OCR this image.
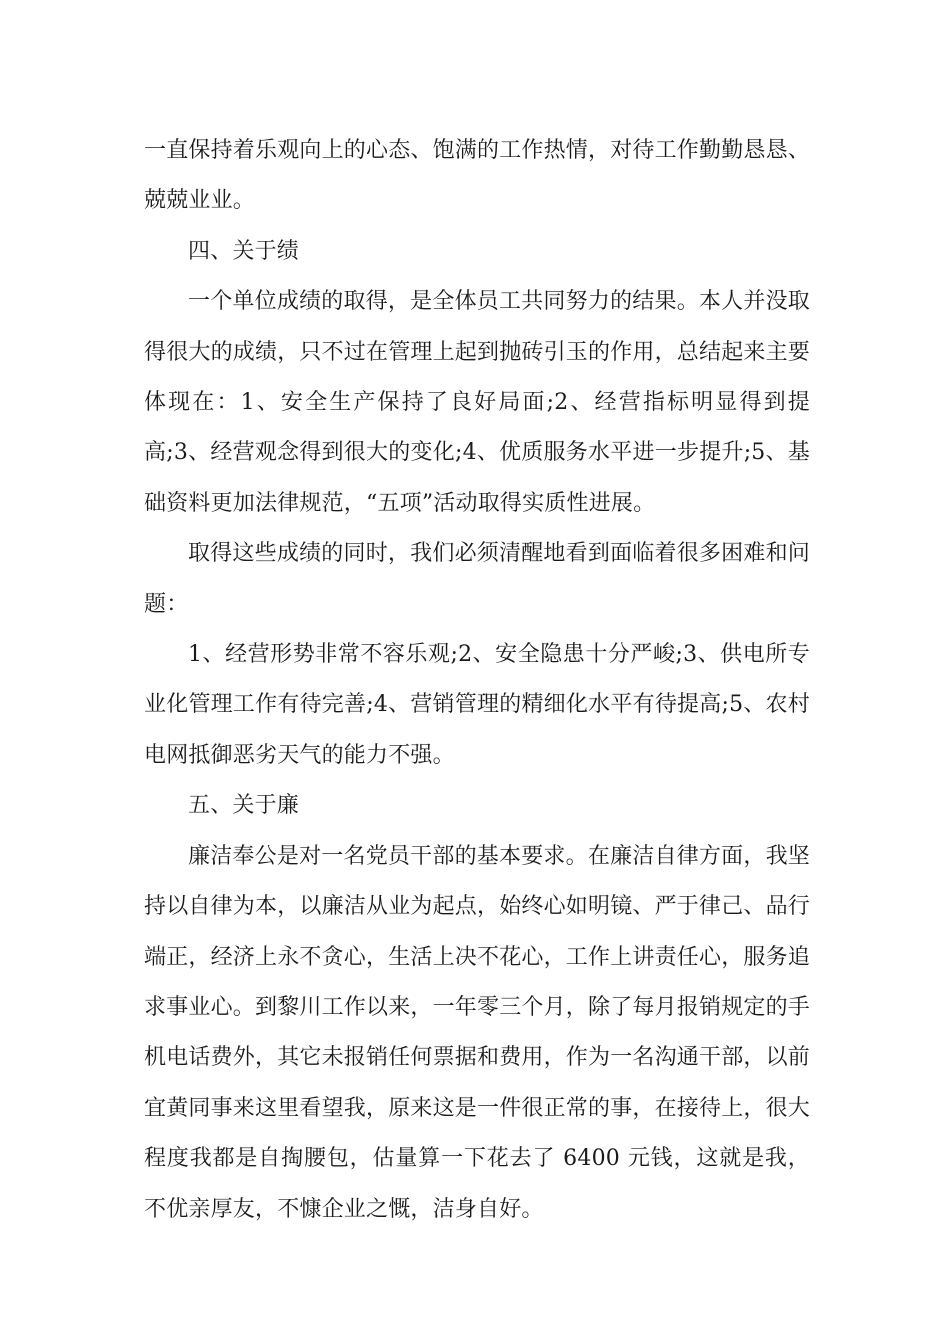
一直保持着乐观向上的心态、饱满的工作热情，对待工作勤勤恳恳、兢兢业业。

四、关于绩

一个单位成绩的取得，是全体员工共同努力的结果。本人并没取得很大的成绩，只不过在管理上起到抛砖引玉的作用，总结起来主要体现在：1、安全生产保持了良好局面;2、经营指标明显得到提高;3、经营观念得到很大的变化;4、优质服务水平进一步提升;5、基础资料更加法律规范，“五项”活动取得实质性进展。

取得这些成绩的同时，我们必须清醒地看到面临着很多困难和问题：

1、经营形势非常不容乐观;2、安全隐患十分严峻;3、供电所专业化管理工作有待完善;4、营销管理的精细化水平有待提高;5、农村电网抵御恶劣天气的能力不强。

五、关于廉

廉洁奉公是对一名党员干部的基本要求。在廉洁自律方面，我坚持以自律为本，以廉洁从业为起点，始终心如明镜、严于律己、品行端正，经济上永不贪心，生活上决不花心，工作上讲责任心，服务追求事业心。到黎川工作以来，一年零三个月，除了每月报销规定的手机电话费外，其它未报销任何票据和费用，作为一名沟通干部，以前宜黄同事来这里看望我，原来这是一件很正常的事，在接待上，很大程度我都是自掏腰包，估量算一下花去了 6400 元钱，这就是我，不优亲厚友，不慷企业之慨，洁身自好。
